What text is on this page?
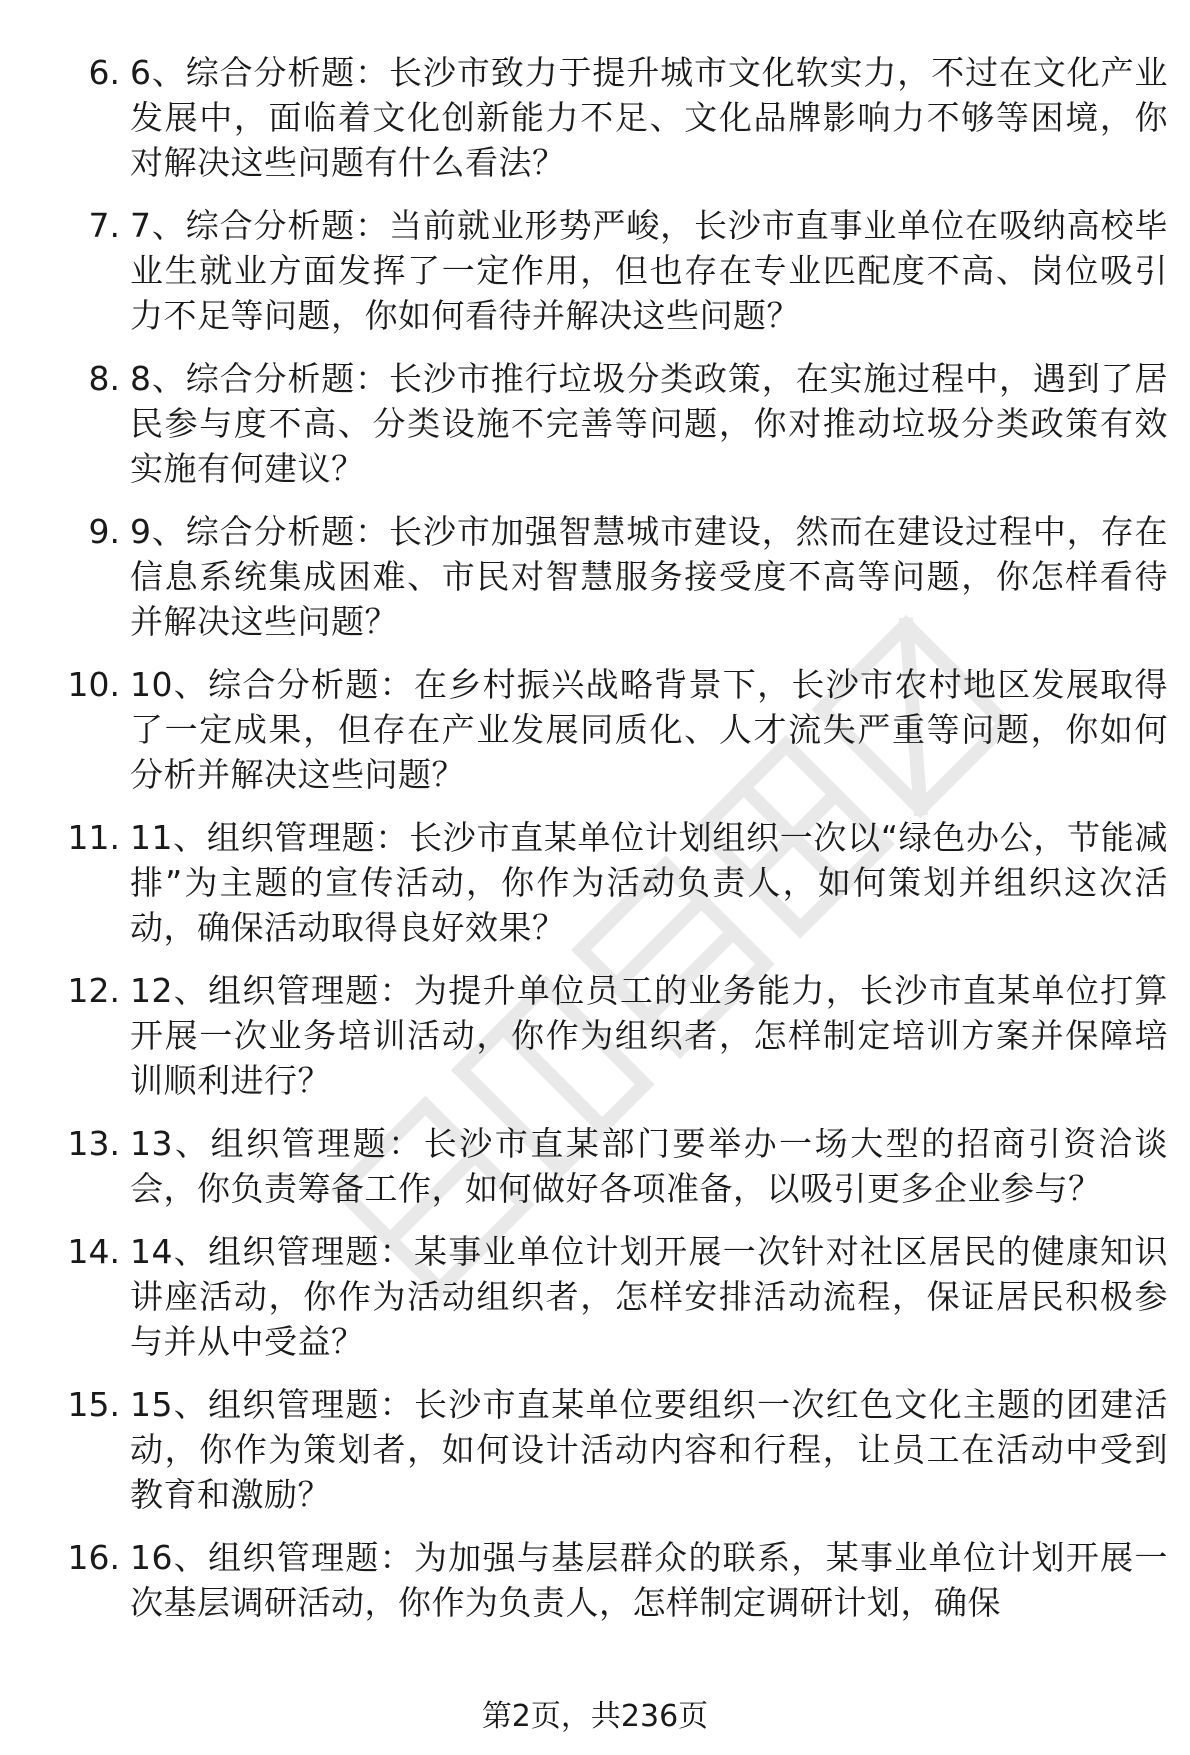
6. 6、综合分析题：长沙市致力于提升城市文化软实力，不过在文化产业发展中，面临着文化创新能力不足、文化品牌影响力不够等困境，你对解决这些问题有什么看法？
7. 7、综合分析题：当前就业形势严峻，长沙市直事业单位在吸纳高校毕业生就业方面发挥了一定作用，但也存在专业匹配度不高、岗位吸引力不足等问题，你如何看待并解决这些问题？
8. 8、综合分析题：长沙市推行垃圾分类政策，在实施过程中，遇到了居民参与度不高、分类设施不完善等问题，你对推动垃圾分类政策有效实施有何建议？
9. 9、综合分析题：长沙市加强智慧城市建设，然而在建设过程中，存在信息系统集成困难、市民对智慧服务接受度不高等问题，你怎样看待并解决这些问题？
10. 10、综合分析题：在乡村振兴战略背景下，长沙市农村地区发展取得了一定成果，但存在产业发展同质化、人才流失严重等问题，你如何分析并解决这些问题？
11. 11、组织管理题：长沙市直某单位计划组织一次以“绿色办公，节能减排”为主题的宣传活动，你作为活动负责人，如何策划并组织这次活动，确保活动取得良好效果？
12. 12、组织管理题：为提升单位员工的业务能力，长沙市直某单位打算开展一次业务培训活动，你作为组织者，怎样制定培训方案并保障培训顺利进行？
13. 13、组织管理题：长沙市直某部门要举办一场大型的招商引资洽谈会，你负责筹备工作，如何做好各项准备，以吸引更多企业参与？
14. 14、组织管理题：某事业单位计划开展一次针对社区居民的健康知识讲座活动，你作为活动组织者，怎样安排活动流程，保证居民积极参与并从中受益？
15. 15、组织管理题：长沙市直某单位要组织一次红色文化主题的团建活动，你作为策划者，如何设计活动内容和行程，让员工在活动中受到教育和激励？
16. 16、组织管理题：为加强与基层群众的联系，某事业单位计划开展一次基层调研活动，你作为负责人，怎样制定调研计划，确保
第2页，共236页
